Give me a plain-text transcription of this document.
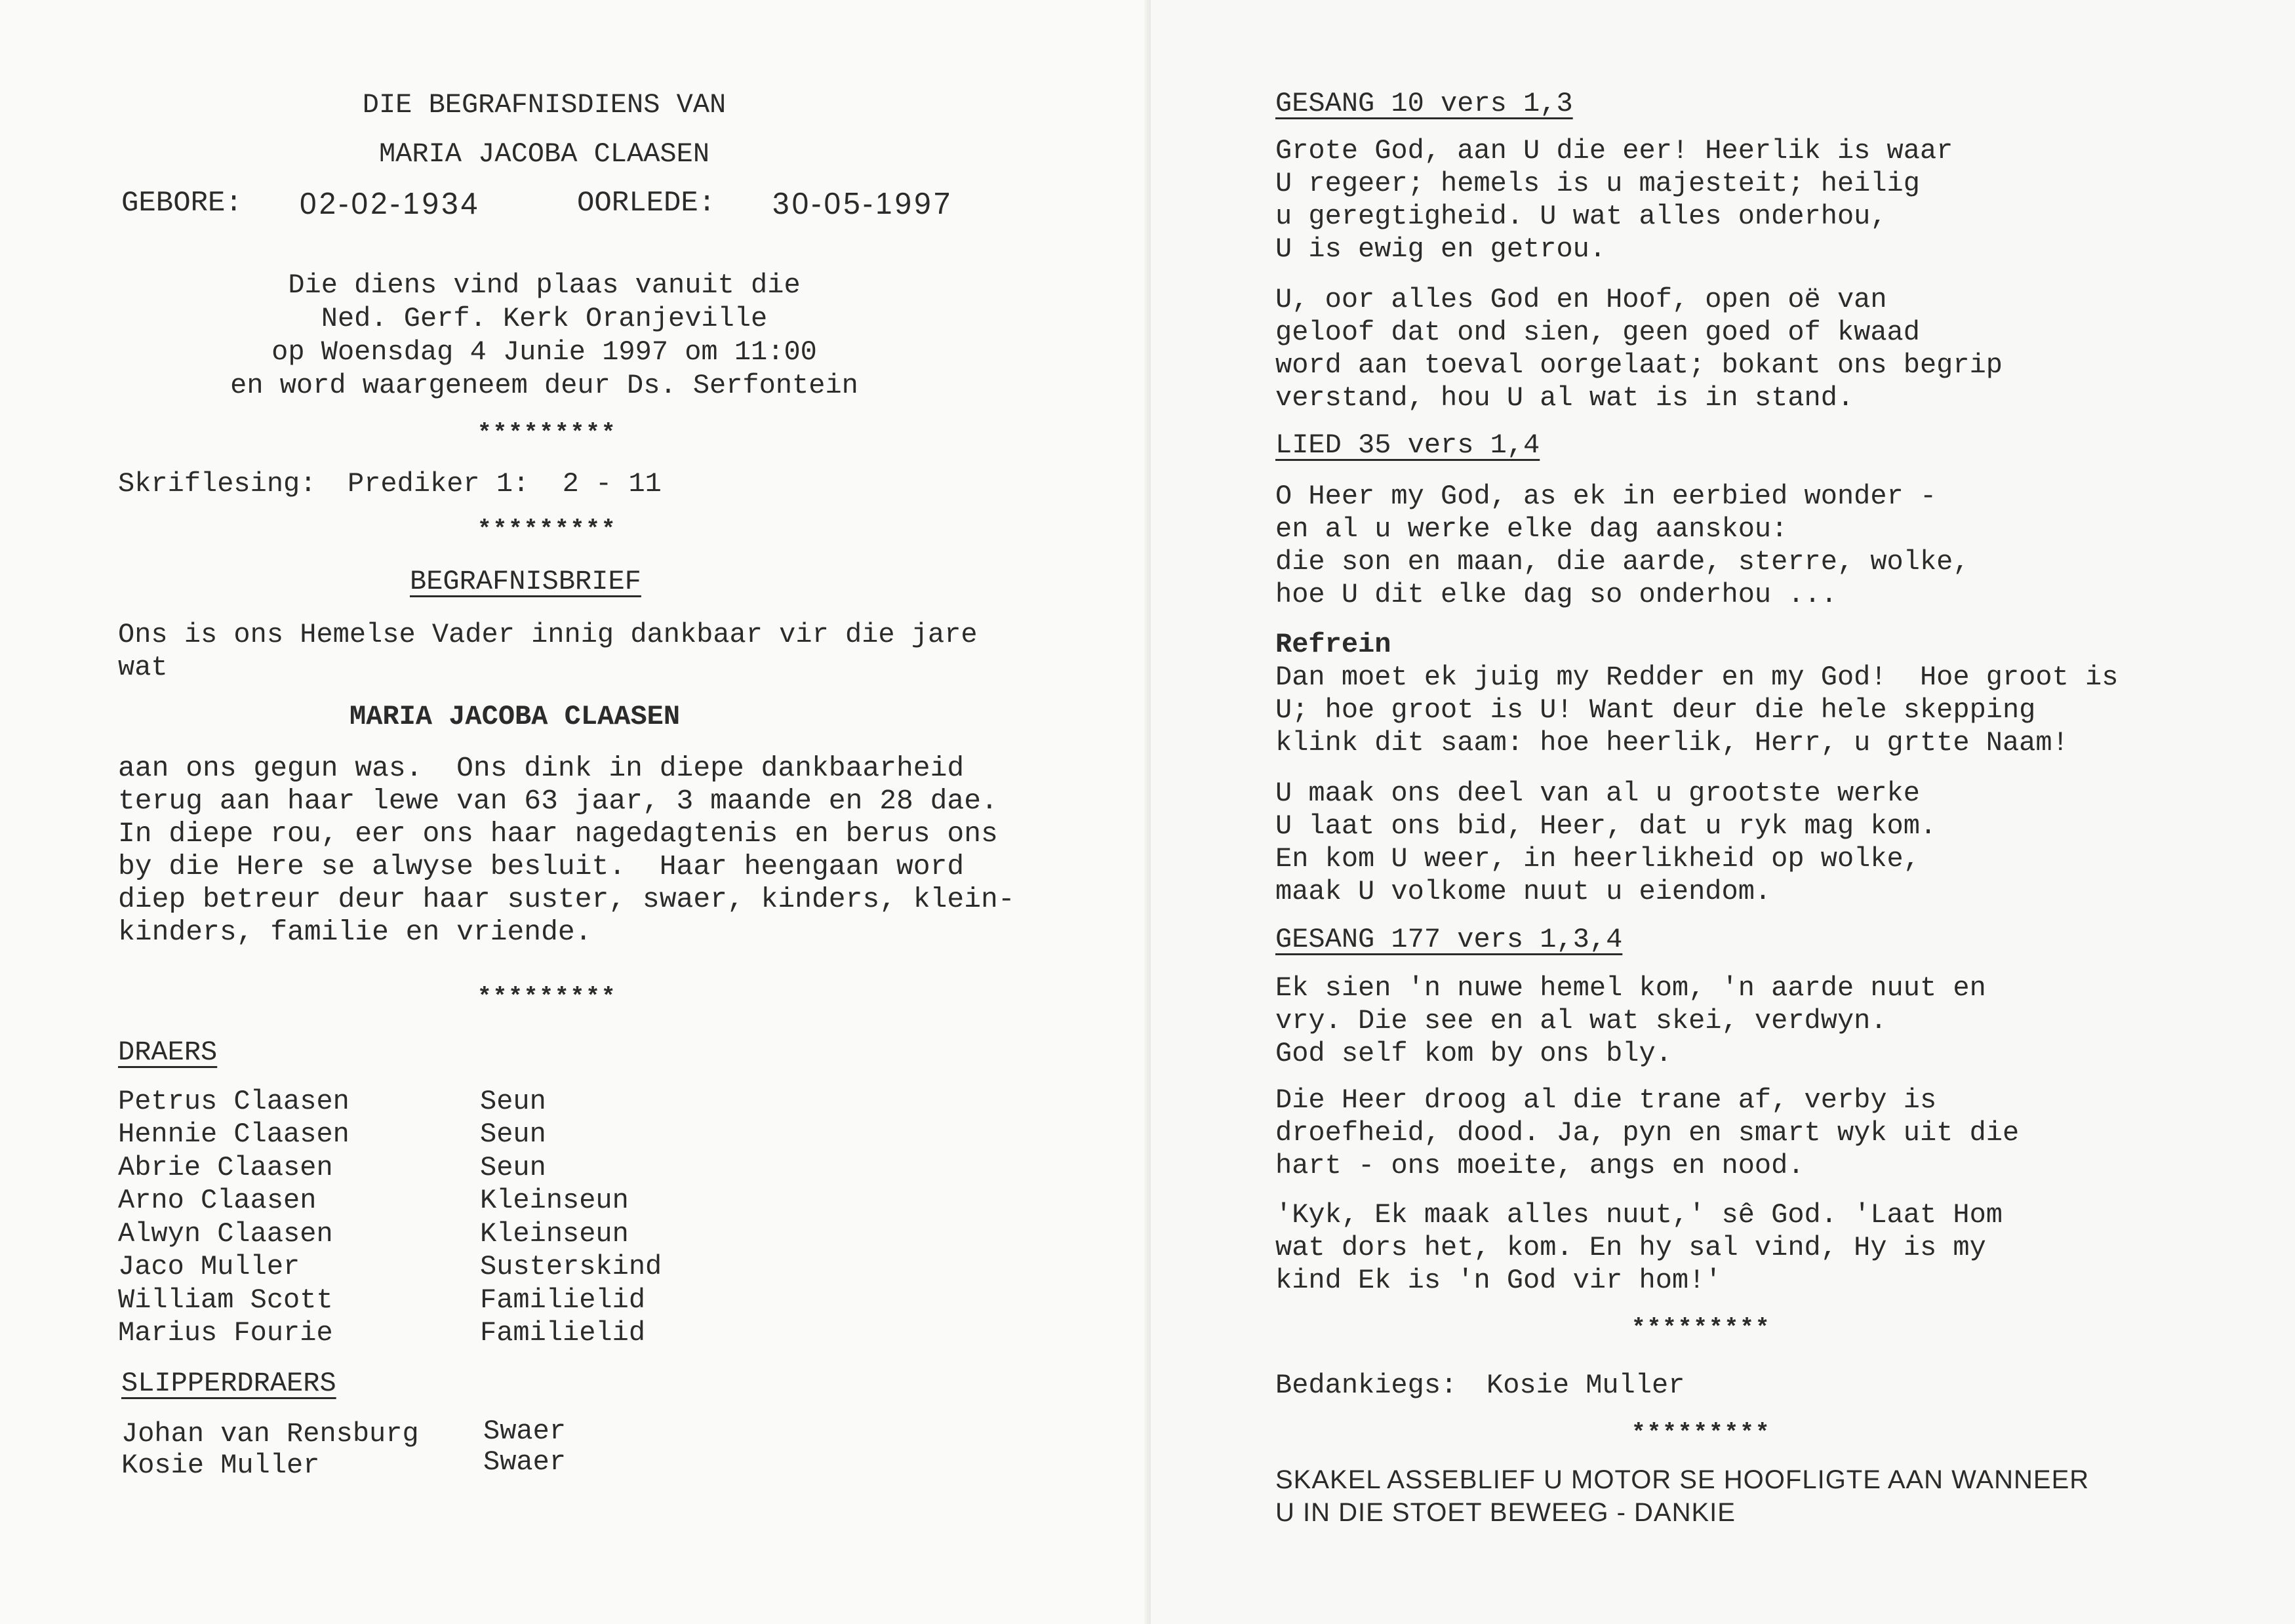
DIE BEGRAFNISDIENS VAN
MARIA JACOBA CLAASEN
GEBORE: 02-02-1934	OORLEDE: 30-05-1997
Die diens vind plaas vanuit die
Ned. Gerf. Kerk Oranjeville
op Woensdag 4 Junie 1997 om 11:00
en word waargeneem deur Ds. Serfontein
*********
Skriflesing: Prediker 1:  2 - 11
*********
BEGRAFNISBRIEF
Ons is ons Hemelse Vader innig dankbaar vir die jare
wat
MARIA JACOBA CLAASEN
aan ons gegun was.  Ons dink in diepe dankbaarheid
terug aan haar lewe van 63 jaar, 3 maande en 28 dae.
In diepe rou, eer ons haar nagedagtenis en berus ons
by die Here se alwyse besluit.  Haar heengaan word
diep betreur deur haar suster, swaer, kinders, klein-
kinders, familie en vriende.
*********
DRAERS
Petrus Claasen	Seun
Hennie Claasen	Seun
Abrie Claasen	Seun
Arno Claasen	Kleinseun
Alwyn Claasen	Kleinseun
Jaco Muller	Susterskind
William Scott	Familielid
Marius Fourie	Familielid
SLIPPERDRAERS
Johan van Rensburg Swaer
Kosie Muller	Swaer
GESANG 10 vers 1,3
Grote God, aan U die eer! Heerlik is waar
U regeer; hemels is u majesteit; heilig
u geregtigheid. U wat alles onderhou,
U is ewig en getrou.
U, oor alles God en Hoof, open oë van
geloof dat ond sien, geen goed of kwaad
word aan toeval oorgelaat; bokant ons begrip
verstand, hou U al wat is in stand.
LIED 35 vers 1,4
O Heer my God, as ek in eerbied wonder -
en al u werke elke dag aanskou:
die son en maan, die aarde, sterre, wolke,
hoe U dit elke dag so onderhou ...
Refrein
Dan moet ek juig my Redder en my God!  Hoe groot is
U; hoe groot is U! Want deur die hele skepping
klink dit saam: hoe heerlik, Herr, u grtte Naam!
U maak ons deel van al u grootste werke
U laat ons bid, Heer, dat u ryk mag kom.
En kom U weer, in heerlikheid op wolke,
maak U volkome nuut u eiendom.
GESANG 177 vers 1,3,4
Ek sien 'n nuwe hemel kom, 'n aarde nuut en
vry. Die see en al wat skei, verdwyn.
God self kom by ons bly.
Die Heer droog al die trane af, verby is
droefheid, dood. Ja, pyn en smart wyk uit die
hart - ons moeite, angs en nood.
'Kyk, Ek maak alles nuut,' sê God. 'Laat Hom
wat dors het, kom. En hy sal vind, Hy is my
kind Ek is 'n God vir hom!'
*********
Bedankiegs: Kosie Muller
*********
SKAKEL ASSEBLIEF U MOTOR SE HOOFLIGTE AAN WANNEER
U IN DIE STOET BEWEEG - DANKIE
